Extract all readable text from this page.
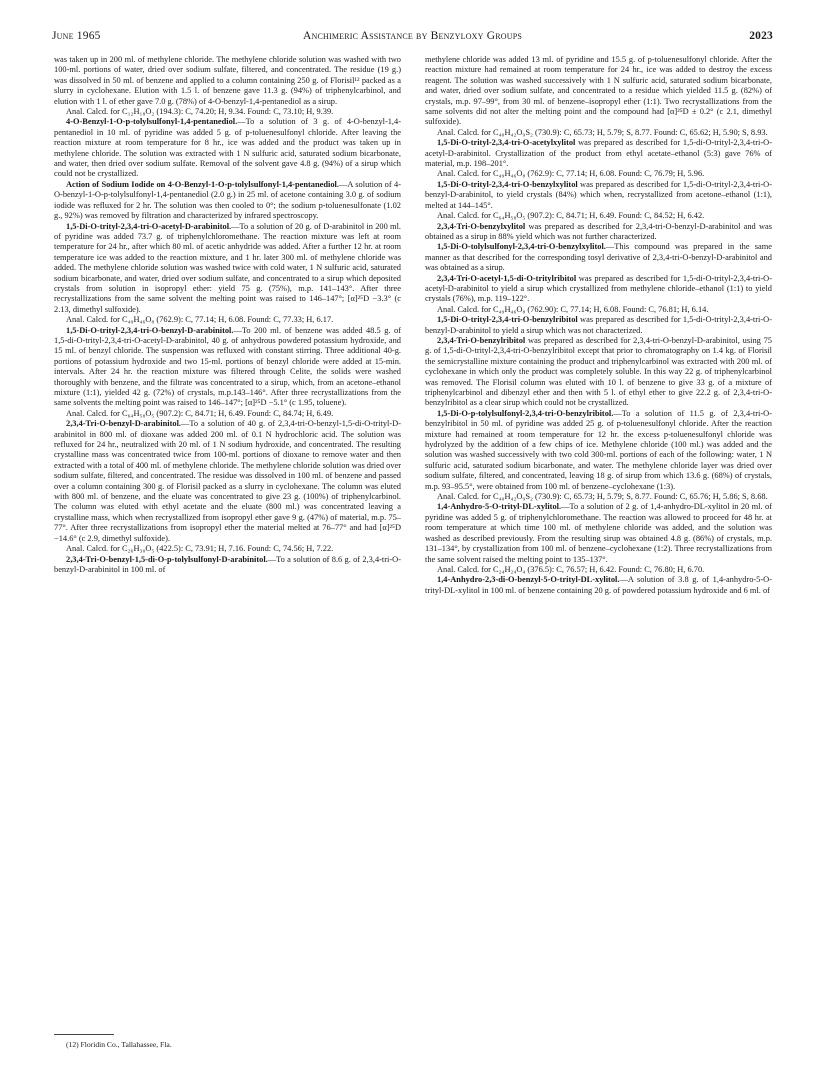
June 1965	Anchimeric Assistance by Benzyloxy Groups	2023

was taken up in 200 ml. of methylene chloride. The methylene chloride solution was washed with two 100-ml. portions of water, dried over sodium sulfate, filtered, and concentrated. The residue (19 g.) was dissolved in 50 ml. of benzene and applied to a column containing 250 g. of Florisil¹² packed as a slurry in cyclohexane. Elution with 1.5 l. of benzene gave 11.3 g. (94%) of triphenylcarbinol, and elution with 1 l. of ether gave 7.0 g. (78%) of 4-O-benzyl-1,4-pentanediol as a sirup.

Anal. Calcd. for C₁₂H₁₈O₂ (194.3): C, 74.20; H, 9.34. Found: C, 73.10; H, 9.39.

4-O-Benzyl-1-O-p-tolylsulfonyl-1,4-pentanediol.—To a solution of 3 g. of 4-O-benzyl-1,4-pentanediol in 10 ml. of pyridine was added 5 g. of p-toluenesulfonyl chloride. After leaving the reaction mixture at room temperature for 8 hr., ice was added and the product was taken up in methylene chloride. The solution was extracted with 1 N sulfuric acid, saturated sodium bicarbonate, and water, then dried over sodium sulfate. Removal of the solvent gave 4.8 g. (94%) of a sirup which could not be crystallized.

Action of Sodium Iodide on 4-O-Benzyl-1-O-p-tolylsulfonyl-1,4-pentanediol.—A solution of 4-O-benzyl-1-O-p-tolylsulfonyl-1,4-pentanediol (2.0 g.) in 25 ml. of acetone containing 3.0 g. of sodium iodide was refluxed for 2 hr. The solution was then cooled to 0°; the sodium p-toluenesulfonate (1.02 g., 92%) was removed by filtration and characterized by infrared spectroscopy.

1,5-Di-O-trityl-2,3,4-tri-O-acetyl-D-arabinitol.—To a solution of 20 g. of D-arabinitol in 200 ml. of pyridine was added 73.7 g. of triphenylchloromethane. The reaction mixture was left at room temperature for 24 hr., after which 80 ml. of acetic anhydride was added. After a further 12 hr. at room temperature ice was added to the reaction mixture, and 1 hr. later 300 ml. of methylene chloride was added. The methylene chloride solution was washed twice with cold water, 1 N sulfuric acid, saturated sodium bicarbonate, and water, dried over sodium sulfate, and concentrated to a sirup which deposited crystals from solution in isopropyl ether: yield 75 g. (75%), m.p. 141–143°. After three recrystallizations from the same solvent the melting point was raised to 146–147°; [α]²⁵D −3.3° (c 2.13, dimethyl sulfoxide).

Anal. Calcd. for C₄₉H₄₆O₈ (762.9): C, 77.14; H, 6.08. Found: C, 77.33; H, 6.17.

1,5-Di-O-trityl-2,3,4-tri-O-benzyl-D-arabinitol.—To 200 ml. of benzene was added 48.5 g. of 1,5-di-O-trityl-2,3,4-tri-O-acetyl-D-arabinitol, 40 g. of anhydrous powdered potassium hydroxide, and 15 ml. of benzyl chloride. The suspension was refluxed with constant stirring. Three additional 40-g. portions of potassium hydroxide and two 15-ml. portions of benzyl chloride were added at 15-min. intervals. After 24 hr. the reaction mixture was filtered through Celite, the solids were washed thoroughly with benzene, and the filtrate was concentrated to a sirup, which, from an acetone–ethanol mixture (1:1), yielded 42 g. (72%) of crystals, m.p.143–146°. After three recrystallizations from the same solvents the melting point was raised to 146–147°; [α]²⁵D −5.1° (c 1.95, toluene).

Anal. Calcd. for C₆₄H₅₈O₅ (907.2): C, 84.71; H, 6.49. Found: C, 84.74; H, 6.49.

2,3,4-Tri-O-benzyl-D-arabinitol.—To a solution of 40 g. of 2,3,4-tri-O-benzyl-1,5-di-O-trityl-D-arabinitol in 800 ml. of dioxane was added 200 ml. of 0.1 N hydrochloric acid. The solution was refluxed for 24 hr., neutralized with 20 ml. of 1 N sodium hydroxide, and concentrated. The resulting crystalline mass was concentrated twice from 100-ml. portions of dioxane to remove water and then extracted with a total of 400 ml. of methylene chloride. The methylene chloride solution was dried over sodium sulfate, filtered, and concentrated. The residue was dissolved in 100 ml. of benzene and passed over a column containing 300 g. of Florisil packed as a slurry in cyclohexane. The column was eluted with 800 ml. of benzene, and the eluate was concentrated to give 23 g. (100%) of triphenylcarbinol. The column was eluted with ethyl acetate and the eluate (800 ml.) was concentrated leaving a crystalline mass, which when recrystallized from isopropyl ether gave 9 g. (47%) of material, m.p. 75–77°. After three recrystallizations from isopropyl ether the material melted at 76–77° and had [α]²⁵D −14.6° (c 2.9, dimethyl sulfoxide).

Anal. Calcd. for C₂₆H₃₀O₅ (422.5): C, 73.91; H, 7.16. Found: C, 74.56; H, 7.22.

2,3,4-Tri-O-benzyl-1,5-di-O-p-tolylsulfonyl-D-arabinitol.—To a solution of 8.6 g. of 2,3,4-tri-O-benzyl-D-arabinitol in 100 ml. of

methylene chloride was added 13 ml. of pyridine and 15.5 g. of p-toluenesulfonyl chloride. After the reaction mixture had remained at room temperature for 24 hr., ice was added to destroy the excess reagent. The solution was washed successively with 1 N sulfuric acid, saturated sodium bicarbonate, and water, dried over sodium sulfate, and concentrated to a residue which yielded 11.5 g. (82%) of crystals, m.p. 97–99°, from 30 ml. of benzene–isopropyl ether (1:1). Two recrystallizations from the same solvents did not alter the melting point and the compound had [α]²⁵D ± 0.2° (c 2.1, dimethyl sulfoxide).

Anal. Calcd. for C₄₀H₄₂O₉S₂ (730.9): C, 65.73; H, 5.79; S, 8.77. Found: C, 65.62; H, 5.90; S, 8.93.

1,5-Di-O-trityl-2,3,4-tri-O-acetylxylitol was prepared as described for 1,5-di-O-trityl-2,3,4-tri-O-acetyl-D-arabinitol. Crystallization of the product from ethyl acetate–ethanol (5:3) gave 76% of material, m.p. 198–201°.

Anal. Calcd. for C₄₉H₄₆O₈ (762.9): C, 77.14; H, 6.08. Found: C, 76.79; H, 5.96.

1,5-Di-O-trityl-2,3,4-tri-O-benzylxylitol was prepared as described for 1,5-di-O-trityl-2,3,4-tri-O-benzyl-D-arabinitol, to yield crystals (84%) which when, recrystallized from acetone–ethanol (1:1), melted at 144–145°.

Anal. Calcd. for C₆₄H₅₈O₅ (907.2): C, 84.71; H, 6.49. Found: C, 84.52; H, 6.42.

2,3,4-Tri-O-benzylxylitol was prepared as described for 2,3,4-tri-O-benzyl-D-arabinitol and was obtained as a sirup in 88% yield which was not further characterized.

1,5-Di-O-tolylsulfonyl-2,3,4-tri-O-benzylxylitol.—This compound was prepared in the same manner as that described for the corresponding tosyl derivative of 2,3,4-tri-O-benzyl-D-arabinitol and was obtained as a sirup.

2,3,4-Tri-O-acetyl-1,5-di-O-tritylribitol was prepared as described for 1,5-di-O-trityl-2,3,4-tri-O-acetyl-D-arabinitol to yield a sirup which crystallized from methylene chloride–ethanol (1:1) to yield crystals (76%), m.p. 119–122°.

Anal. Calcd. for C₄₉H₄₆O₈ (762.90): C, 77.14; H, 6.08. Found: C, 76.81; H, 6.14.

1,5-Di-O-trityl-2,3,4-tri-O-benzylribitol was prepared as described for 1,5-di-O-trityl-2,3,4-tri-O-benzyl-D-arabinitol to yield a sirup which was not characterized.

2,3,4-Tri-O-benzylribitol was prepared as described for 2,3,4-tri-O-benzyl-D-arabinitol, using 75 g. of 1,5-di-O-trityl-2,3,4-tri-O-benzylribitol except that prior to chromatography on 1.4 kg. of Florisil the semicrystalline mixture containing the product and triphenylcarbinol was extracted with 200 ml. of cyclohexane in which only the product was completely soluble. In this way 22 g. of triphenylcarbinol was removed. The Florisil column was eluted with 10 l. of benzene to give 33 g. of a mixture of triphenylcarbinol and dibenzyl ether and then with 5 l. of ethyl ether to give 22.2 g. of 2,3,4-tri-O-benzylribitol as a clear sirup which could not be crystallized.

1,5-Di-O-p-tolylsulfonyl-2,3,4-tri-O-benzylribitol.—To a solution of 11.5 g. of 2,3,4-tri-O-benzylribitol in 50 ml. of pyridine was added 25 g. of p-toluenesulfonyl chloride. After the reaction mixture had remained at room temperature for 12 hr. the excess p-toluenesulfonyl chloride was hydrolyzed by the addition of a few chips of ice. Methylene chloride (100 ml.) was added and the solution was washed successively with two cold 300-ml. portions of each of the following: water, 1 N sulfuric acid, saturated sodium bicarbonate, and water. The methylene chloride layer was dried over sodium sulfate, filtered, and concentrated, leaving 18 g. of sirup from which 13.6 g. (68%) of crystals, m.p. 93–95.5°, were obtained from 100 ml. of benzene–cyclohexane (1:3).

Anal. Calcd. for C₄₀H₄₂O₉S₂ (730.9): C, 65.73; H, 5.79; S, 8.77. Found: C, 65.76; H, 5.86; S, 8.68.

1,4-Anhydro-5-O-trityl-DL-xylitol.—To a solution of 2 g. of 1,4-anhydro-DL-xylitol in 20 ml. of pyridine was added 5 g. of triphenylchloromethane. The reaction was allowed to proceed for 48 hr. at room temperature at which time 100 ml. of methylene chloride was added, and the solution was washed as described previously. From the resulting sirup was obtained 4.8 g. (86%) of crystals, m.p. 131–134°, by crystallization from 100 ml. of benzene–cyclohexane (1:2). Three recrystallizations from the same solvent raised the melting point to 135–137°.

Anal. Calcd. for C₂₄H₂₄O₄ (376.5): C, 76.57; H, 6.42. Found: C, 76.80; H, 6.70.

1,4-Anhydro-2,3-di-O-benzyl-5-O-trityl-DL-xylitol.—A solution of 3.8 g. of 1,4-anhydro-5-O-trityl-DL-xylitol in 100 ml. of benzene containing 20 g. of powdered potassium hydroxide and 6 ml. of

(12) Floridin Co., Tallahassee, Fla.
